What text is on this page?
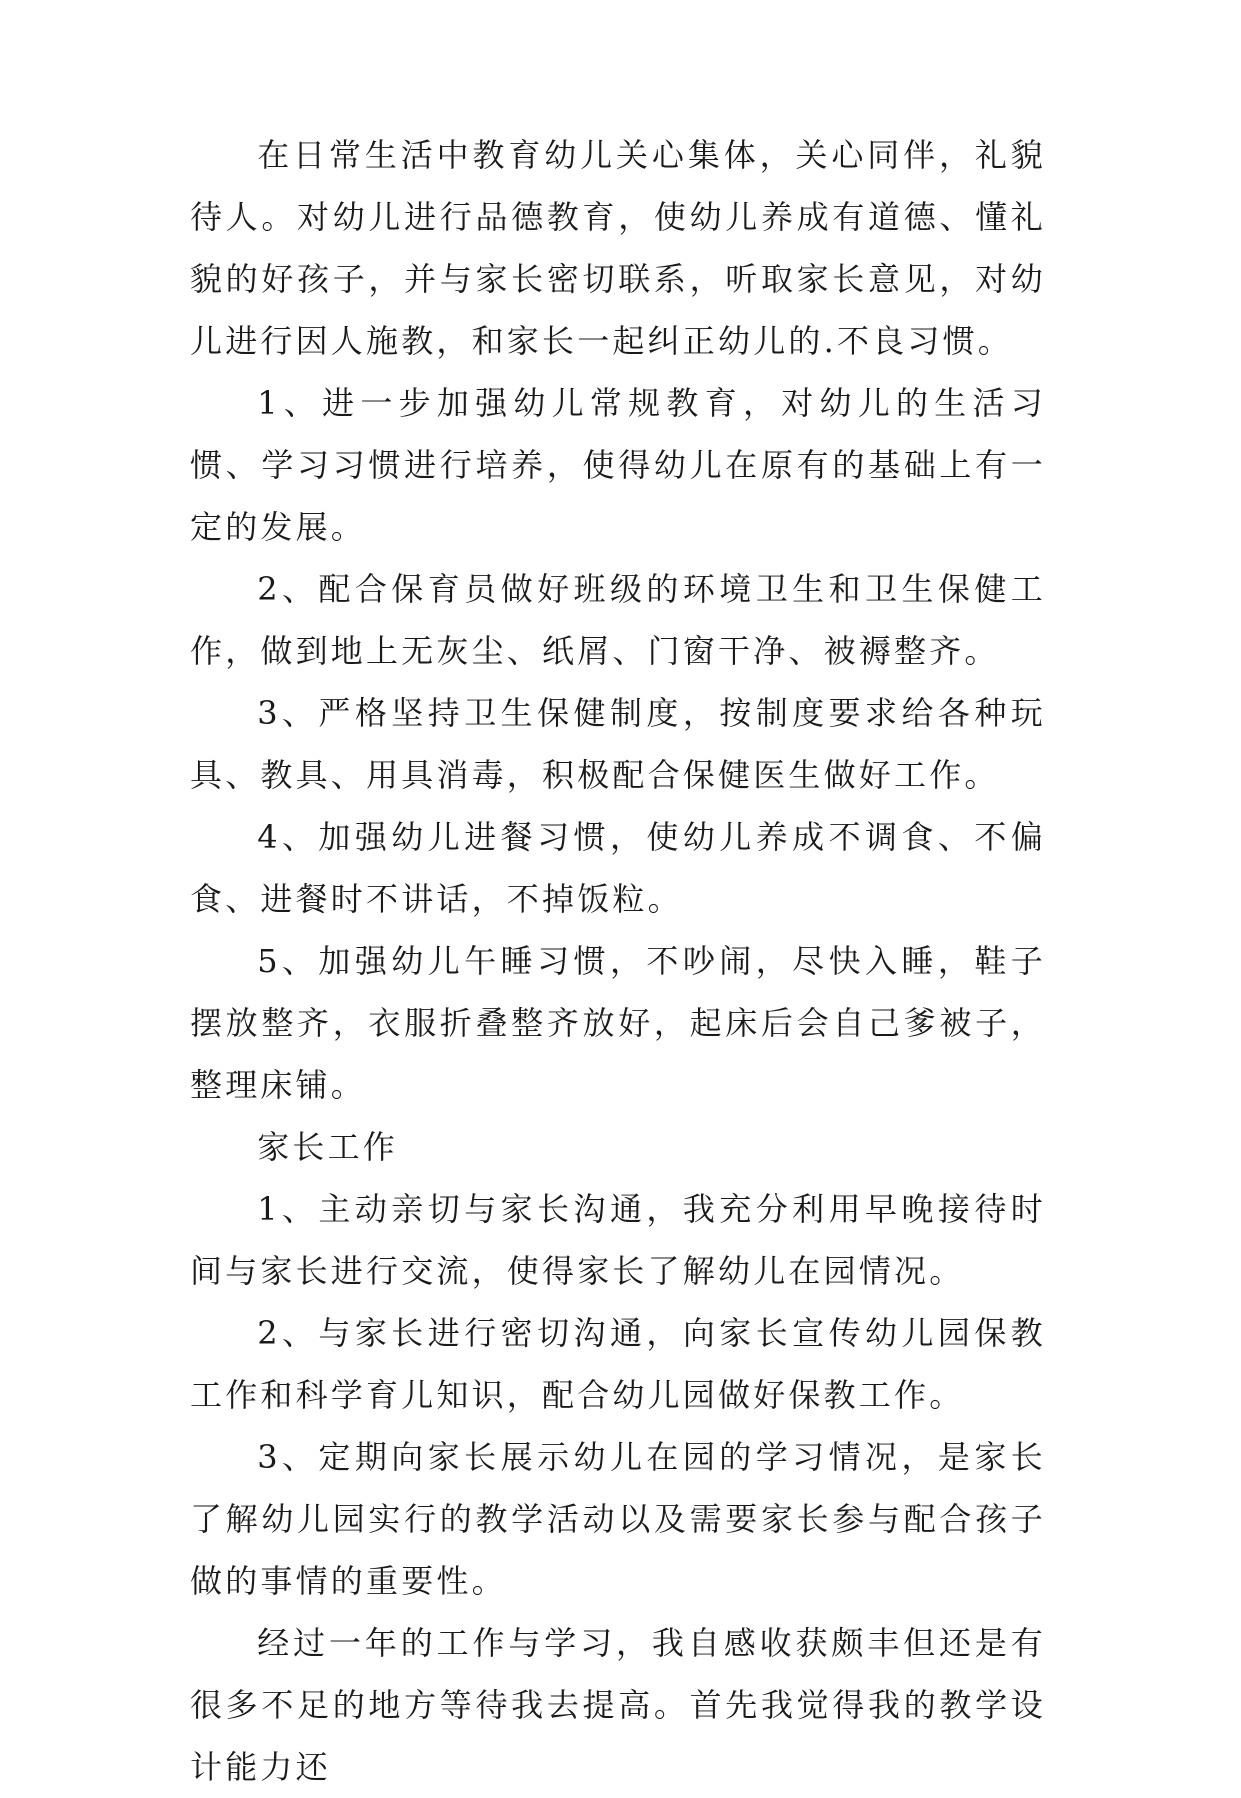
在日常生活中教育幼儿关心集体，关心同伴，礼貌待人。对幼儿进行品德教育，使幼儿养成有道德、懂礼貌的好孩子，并与家长密切联系，听取家长意见，对幼儿进行因人施教，和家长一起纠正幼儿的.不良习惯。

1、进一步加强幼儿常规教育，对幼儿的生活习惯、学习习惯进行培养，使得幼儿在原有的基础上有一定的发展。

2、配合保育员做好班级的环境卫生和卫生保健工作，做到地上无灰尘、纸屑、门窗干净、被褥整齐。

3、严格坚持卫生保健制度，按制度要求给各种玩具、教具、用具消毒，积极配合保健医生做好工作。

4、加强幼儿进餐习惯，使幼儿养成不调食、不偏食、进餐时不讲话，不掉饭粒。

5、加强幼儿午睡习惯，不吵闹，尽快入睡，鞋子摆放整齐，衣服折叠整齐放好，起床后会自己爹被子，整理床铺。

家长工作

1、主动亲切与家长沟通，我充分利用早晚接待时间与家长进行交流，使得家长了解幼儿在园情况。

2、与家长进行密切沟通，向家长宣传幼儿园保教工作和科学育儿知识，配合幼儿园做好保教工作。

3、定期向家长展示幼儿在园的学习情况，是家长了解幼儿园实行的教学活动以及需要家长参与配合孩子做的事情的重要性。

经过一年的工作与学习，我自感收获颇丰但还是有很多不足的地方等待我去提高。首先我觉得我的教学设计能力还
